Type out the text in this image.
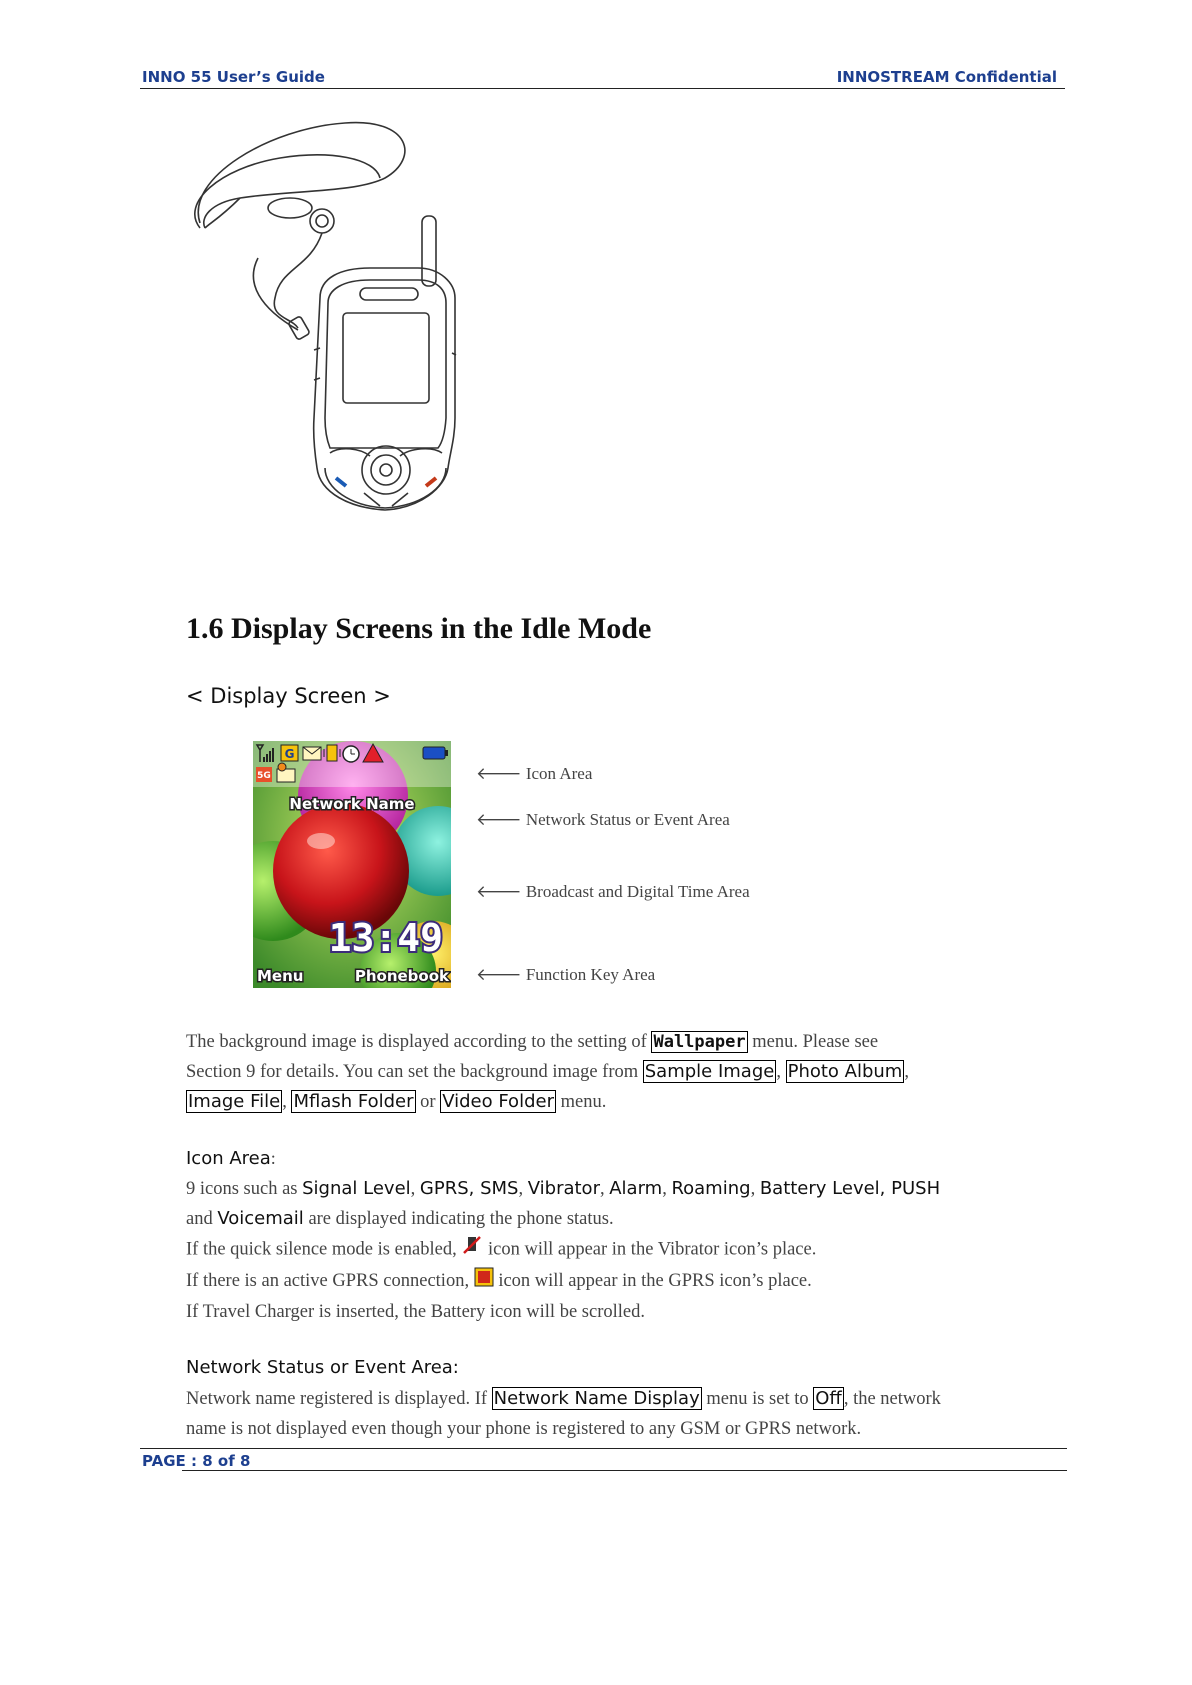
INNO 55 User’s Guide	INNOSTREAM Confidential
1.6 Display Screens in the Idle Mode
< Display Screen >
G
5G
Network Name
13:49
Menu	Phonebook
🡐 Icon Area
🡐 Network Status or Event Area
🡐 Broadcast and Digital Time Area
🡐 Function Key Area
The background image is displayed according to the setting of Wallpaper menu. Please see
Section 9 for details. You can set the background image from Sample Image , Photo Album ,
Image File , Mflash Folder or Video Folder menu.
Icon Area:
9 icons such as Signal Level, GPRS, SMS, Vibrator, Alarm, Roaming, Battery Level, PUSH
and Voicemail are displayed indicating the phone status.
If the quick silence mode is enabled,  icon will appear in the Vibrator icon’s place.
If there is an active GPRS connection,  icon will appear in the GPRS icon’s place.
If Travel Charger is inserted, the Battery icon will be scrolled.
Network Status or Event Area:
Network name registered is displayed. If Network Name Display menu is set to Off , the network
name is not displayed even though your phone is registered to any GSM or GPRS network.
PAGE : 8 of 8
